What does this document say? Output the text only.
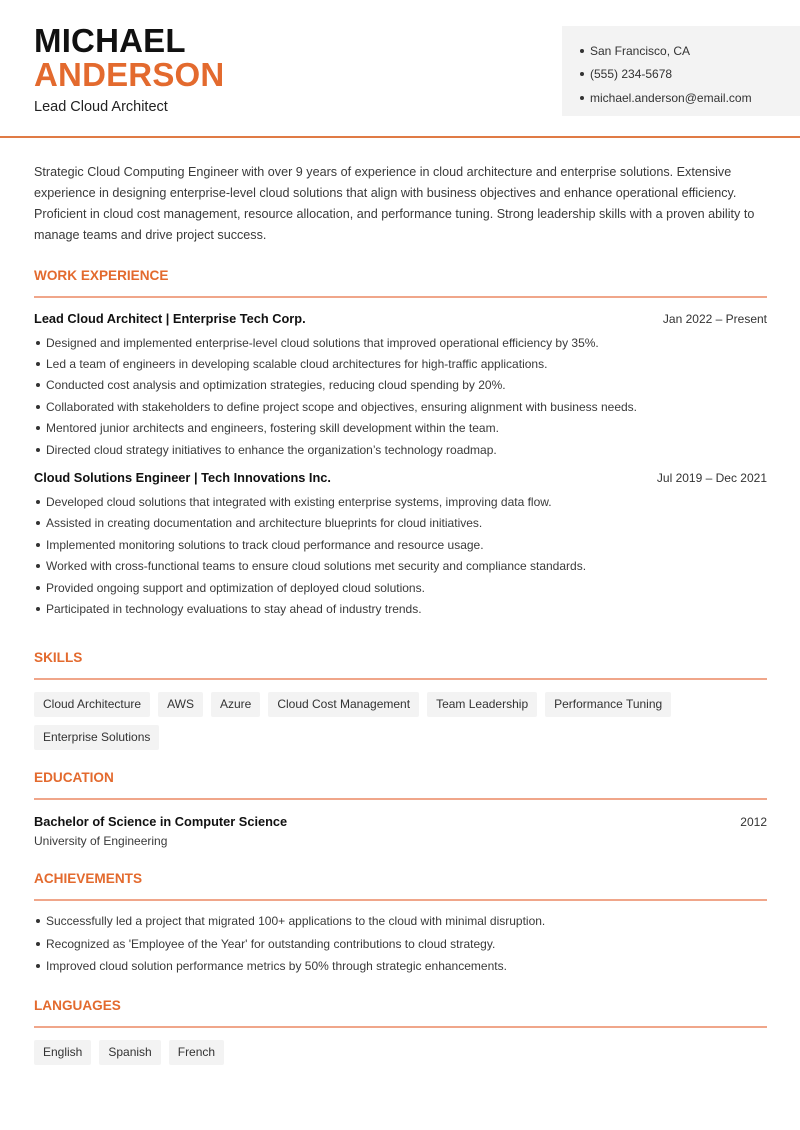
MICHAEL
ANDERSON
Lead Cloud Architect
San Francisco, CA
(555) 234-5678
michael.anderson@email.com

Strategic Cloud Computing Engineer with over 9 years of experience in cloud architecture and enterprise solutions. Extensive experience in designing enterprise-level cloud solutions that align with business objectives and enhance operational efficiency. Proficient in cloud cost management, resource allocation, and performance tuning. Strong leadership skills with a proven ability to manage teams and drive project success.

WORK EXPERIENCE
Lead Cloud Architect | Enterprise Tech Corp.	Jan 2022 – Present
Designed and implemented enterprise-level cloud solutions that improved operational efficiency by 35%.
Led a team of engineers in developing scalable cloud architectures for high-traffic applications.
Conducted cost analysis and optimization strategies, reducing cloud spending by 20%.
Collaborated with stakeholders to define project scope and objectives, ensuring alignment with business needs.
Mentored junior architects and engineers, fostering skill development within the team.
Directed cloud strategy initiatives to enhance the organization’s technology roadmap.
Cloud Solutions Engineer | Tech Innovations Inc.	Jul 2019 – Dec 2021
Developed cloud solutions that integrated with existing enterprise systems, improving data flow.
Assisted in creating documentation and architecture blueprints for cloud initiatives.
Implemented monitoring solutions to track cloud performance and resource usage.
Worked with cross-functional teams to ensure cloud solutions met security and compliance standards.
Provided ongoing support and optimization of deployed cloud solutions.
Participated in technology evaluations to stay ahead of industry trends.
SKILLS
Cloud Architecture	AWS	Azure	Cloud Cost Management	Team Leadership	Performance Tuning
Enterprise Solutions
EDUCATION
Bachelor of Science in Computer Science	2012
University of Engineering
ACHIEVEMENTS
Successfully led a project that migrated 100+ applications to the cloud with minimal disruption.
Recognized as 'Employee of the Year' for outstanding contributions to cloud strategy.
Improved cloud solution performance metrics by 50% through strategic enhancements.
LANGUAGES
English	Spanish	French
